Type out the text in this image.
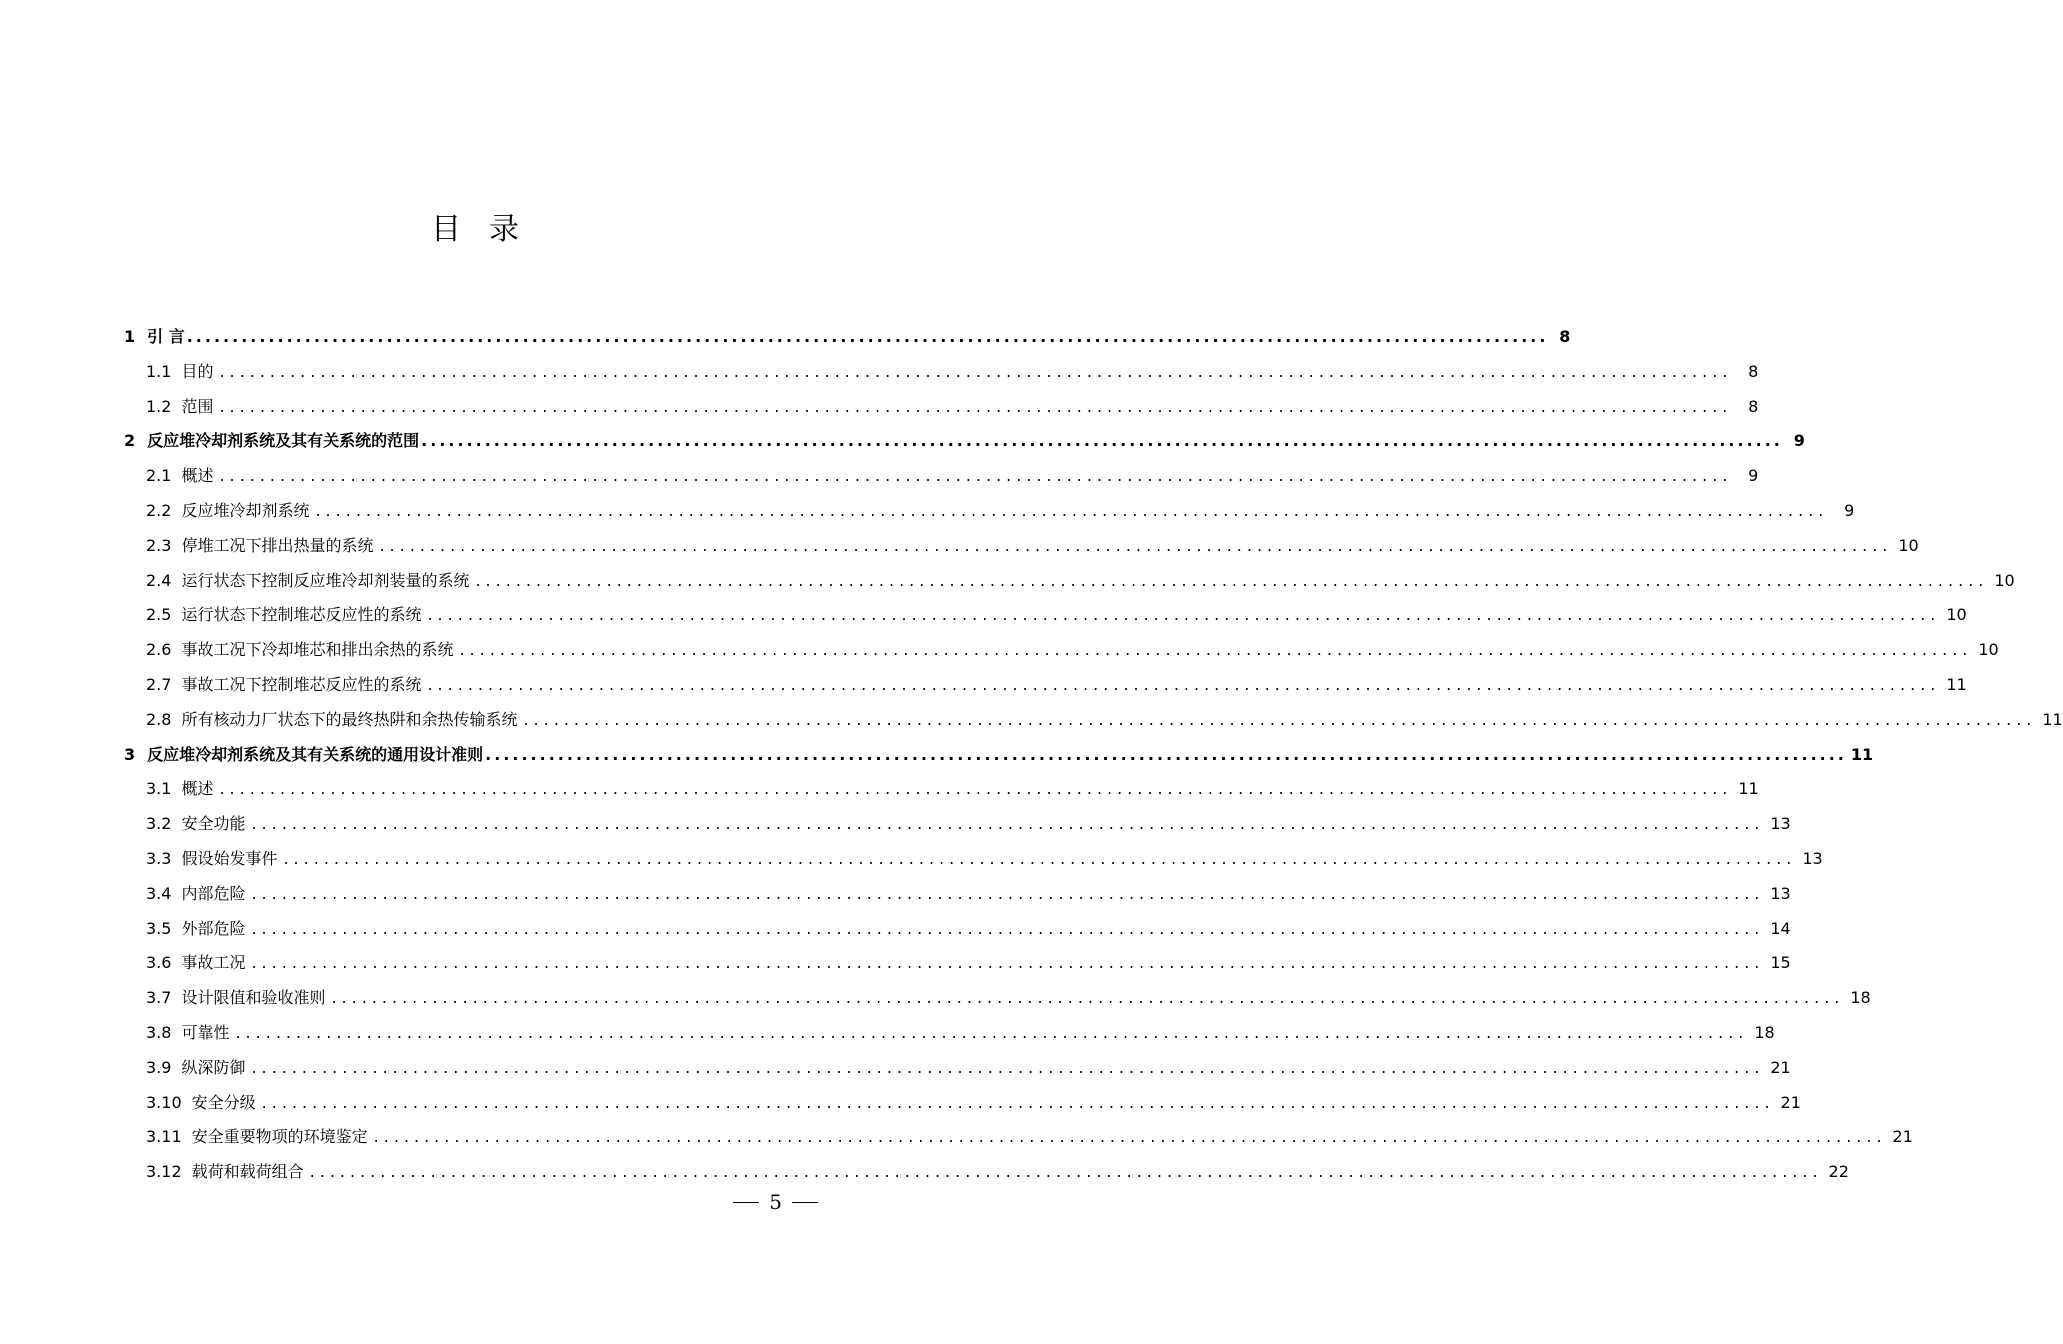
目录
1 引 言 ...................................................................................................................................................... 8
1.1 目的 ...................................................................................................................................................... 8
1.2 范围 ...................................................................................................................................................... 8
2 反应堆冷却剂系统及其有关系统的范围 ...................................................................................................................................................... 9
2.1 概述 ...................................................................................................................................................... 9
2.2 反应堆冷却剂系统 ...................................................................................................................................................... 9
2.3 停堆工况下排出热量的系统 ...................................................................................................................................................... 10
2.4 运行状态下控制反应堆冷却剂装量的系统 ...................................................................................................................................................... 10
2.5 运行状态下控制堆芯反应性的系统 ...................................................................................................................................................... 10
2.6 事故工况下冷却堆芯和排出余热的系统 ...................................................................................................................................................... 10
2.7 事故工况下控制堆芯反应性的系统 ...................................................................................................................................................... 11
2.8 所有核动力厂状态下的最终热阱和余热传输系统 ...................................................................................................................................................... 11
3 反应堆冷却剂系统及其有关系统的通用设计准则 ...................................................................................................................................................... 11
3.1 概述 ...................................................................................................................................................... 11
3.2 安全功能 ...................................................................................................................................................... 13
3.3 假设始发事件 ...................................................................................................................................................... 13
3.4 内部危险 ...................................................................................................................................................... 13
3.5 外部危险 ...................................................................................................................................................... 14
3.6 事故工况 ...................................................................................................................................................... 15
3.7 设计限值和验收准则 ...................................................................................................................................................... 18
3.8 可靠性 ...................................................................................................................................................... 18
3.9 纵深防御 ...................................................................................................................................................... 21
3.10 安全分级 ...................................................................................................................................................... 21
3.11 安全重要物项的环境鉴定 ...................................................................................................................................................... 21
3.12 载荷和载荷组合 ...................................................................................................................................................... 22
5
